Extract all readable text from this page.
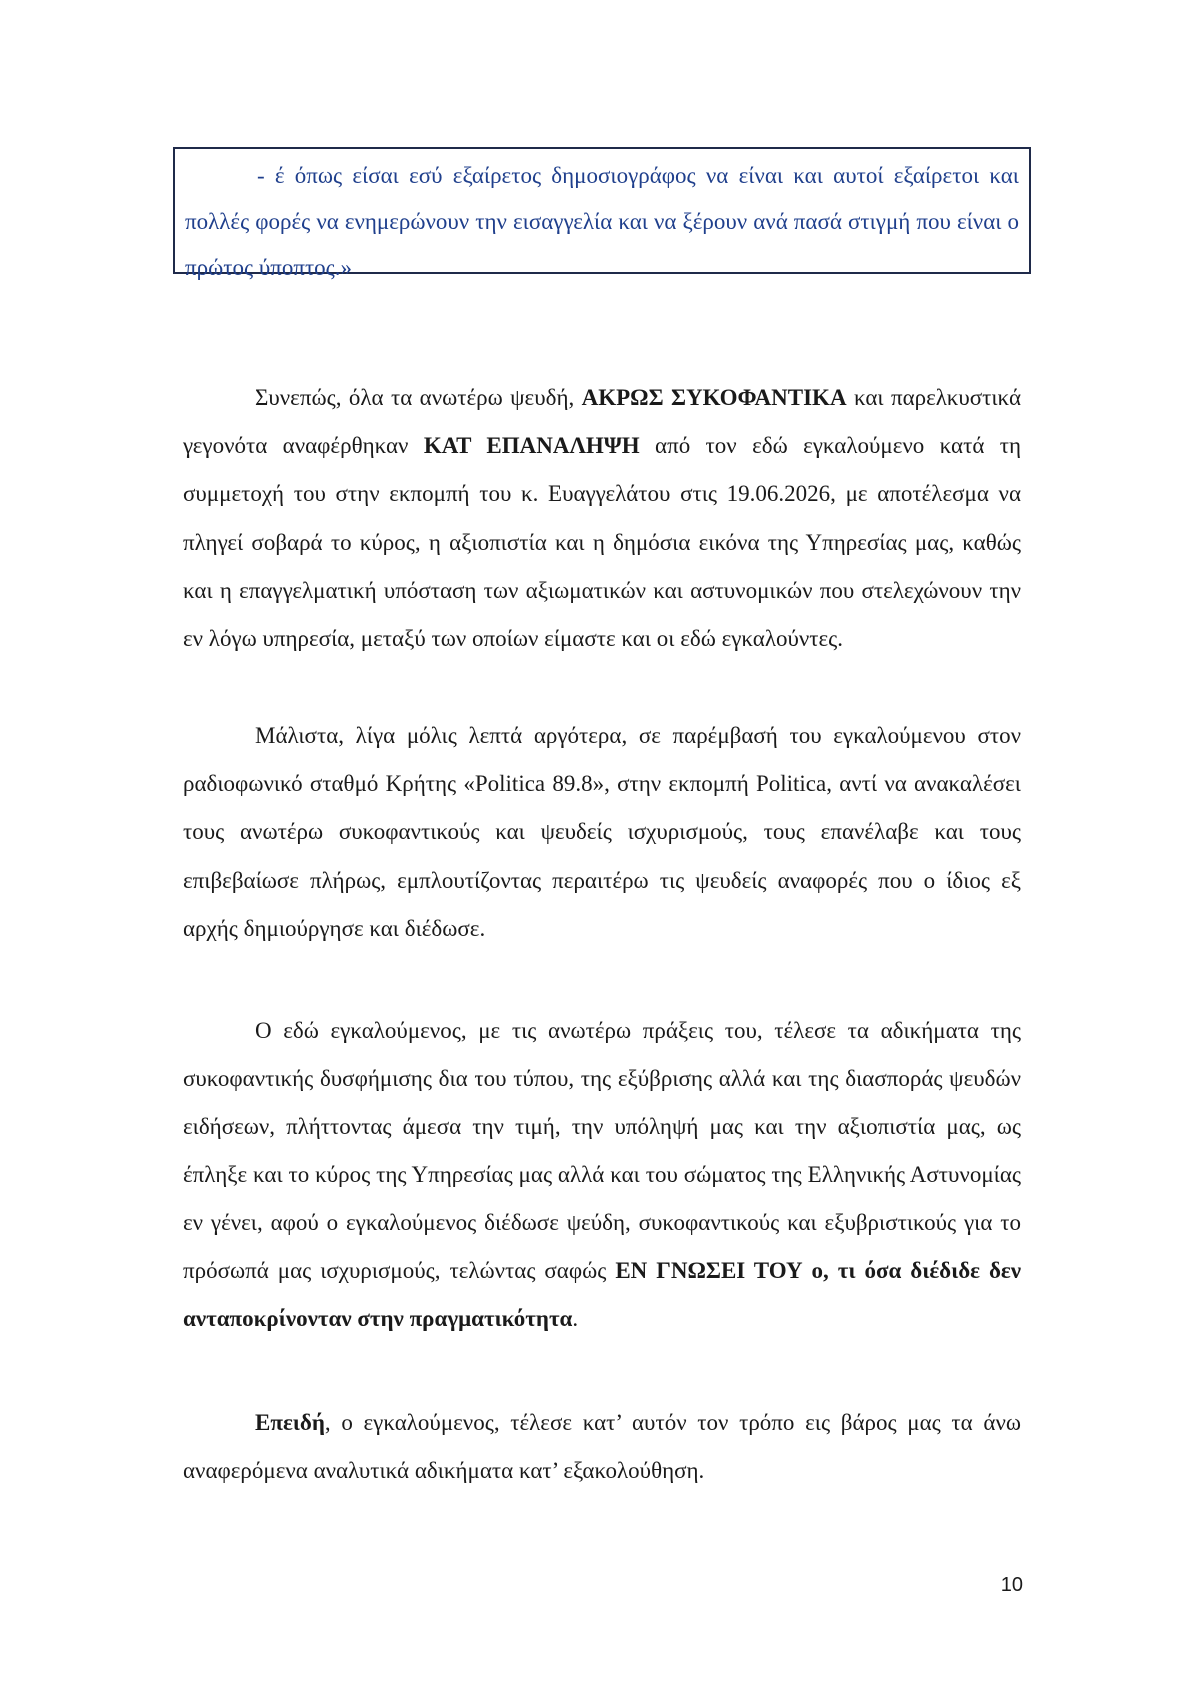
- έ όπως είσαι εσύ εξαίρετος δημοσιογράφος να είναι και αυτοί εξαίρετοι και πολλές φορές να ενημερώνουν την εισαγγελία και να ξέρουν ανά πασά στιγμή που είναι ο πρώτος ύποπτος.»

Συνεπώς, όλα τα ανωτέρω ψευδή, ΑΚΡΩΣ ΣΥΚΟΦΑΝΤΙΚΑ και παρελκυστικά γεγονότα αναφέρθηκαν ΚΑΤ ΕΠΑΝΑΛΗΨΗ από τον εδώ εγκαλούμενο κατά τη συμμετοχή του στην εκπομπή του κ. Ευαγγελάτου στις 19.06.2026, με αποτέλεσμα να πληγεί σοβαρά το κύρος, η αξιοπιστία και η δημόσια εικόνα της Υπηρεσίας μας, καθώς και η επαγγελματική υπόσταση των αξιωματικών και αστυνομικών που στελεχώνουν την εν λόγω υπηρεσία, μεταξύ των οποίων είμαστε και οι εδώ εγκαλούντες.

Μάλιστα, λίγα μόλις λεπτά αργότερα, σε παρέμβασή του εγκαλούμενου στον ραδιοφωνικό σταθμό Κρήτης «Politica 89.8», στην εκπομπή Politica, αντί να ανακαλέσει τους ανωτέρω συκοφαντικούς και ψευδείς ισχυρισμούς, τους επανέλαβε και τους επιβεβαίωσε πλήρως, εμπλουτίζοντας περαιτέρω τις ψευδείς αναφορές που ο ίδιος εξ αρχής δημιούργησε και διέδωσε.

Ο εδώ εγκαλούμενος, με τις ανωτέρω πράξεις του, τέλεσε τα αδικήματα της συκοφαντικής δυσφήμισης δια του τύπου, της εξύβρισης αλλά και της διασποράς ψευδών ειδήσεων, πλήττοντας άμεσα την τιμή, την υπόληψή μας και την αξιοπιστία μας, ως έπληξε και το κύρος της Υπηρεσίας μας αλλά και του σώματος της Ελληνικής Αστυνομίας εν γένει, αφού ο εγκαλούμενος διέδωσε ψεύδη, συκοφαντικούς και εξυβριστικούς για το πρόσωπά μας ισχυρισμούς, τελώντας σαφώς ΕΝ ΓΝΩΣΕΙ ΤΟΥ ο, τι όσα διέδιδε δεν ανταποκρίνονταν στην πραγματικότητα.

Επειδή, ο εγκαλούμενος, τέλεσε κατ’ αυτόν τον τρόπο εις βάρος μας τα άνω αναφερόμενα αναλυτικά αδικήματα κατ’ εξακολούθηση.

10
